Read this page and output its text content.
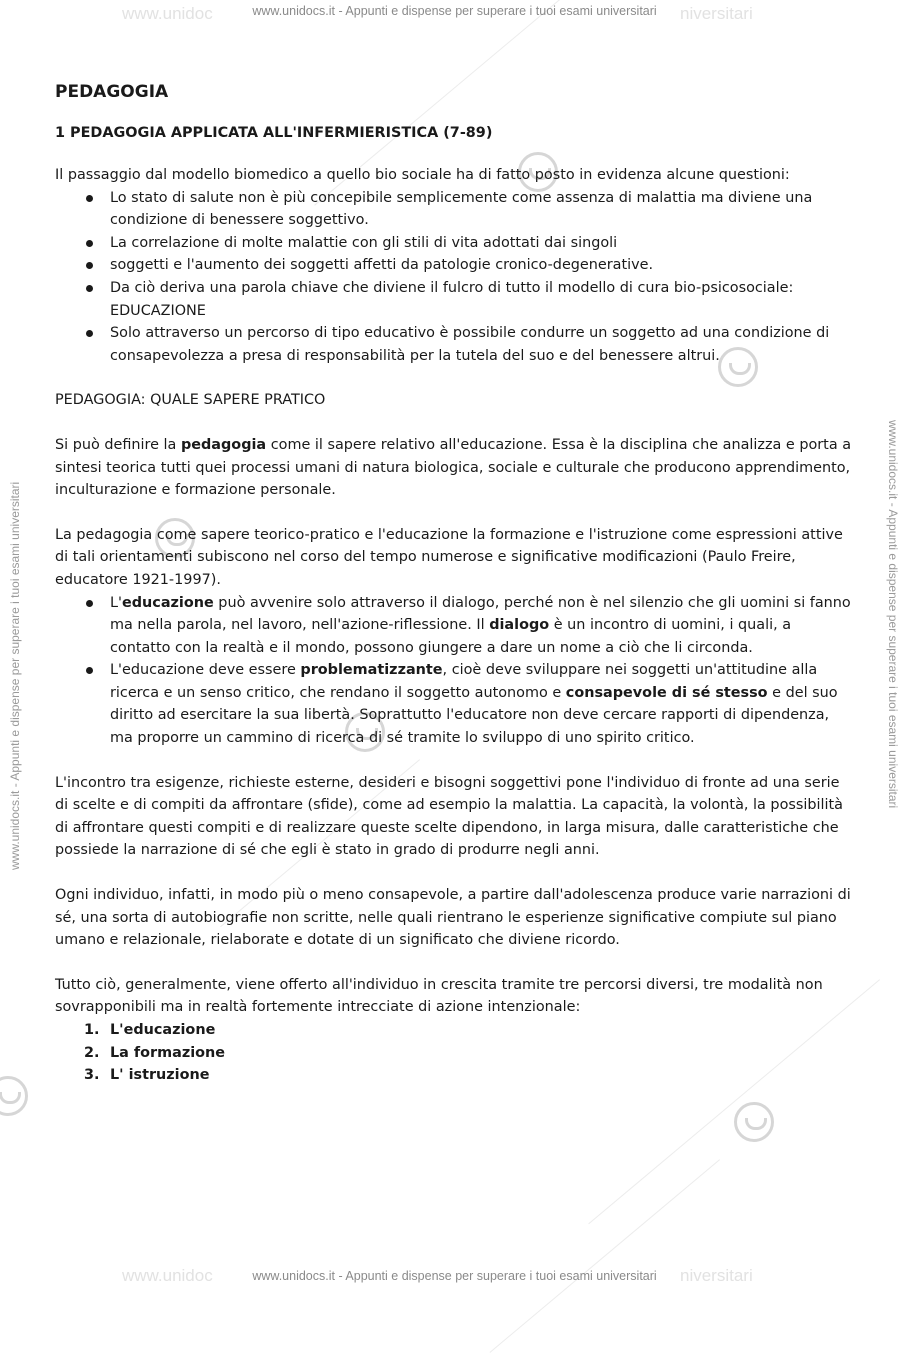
www.unidoc	niversitari
www.unidoc	niversitari
www.unidocs.it - Appunti e dispense per superare i tuoi esami universitari
www.unidocs.it - Appunti e dispense per superare i tuoi esami universitari
www.unidocs.it - Appunti e dispense per superare i tuoi esami universitari	www.unidocs.it - Appunti e dispense per superare i tuoi esami universitari
PEDAGOGIA
1 PEDAGOGIA APPLICATA ALL'INFERMIERISTICA (7-89)

Il passaggio dal modello biomedico a quello bio sociale ha di fatto posto in evidenza alcune questioni:

Lo stato di salute non è più concepibile semplicemente come assenza di malattia ma diviene una condizione di benessere soggettivo.
La correlazione di molte malattie con gli stili di vita adottati dai singoli
soggetti e l'aumento dei soggetti affetti da patologie cronico-degenerative.
Da ciò deriva una parola chiave che diviene il fulcro di tutto il modello di cura bio-psicosociale: EDUCAZIONE
Solo attraverso un percorso di tipo educativo è possibile condurre un soggetto ad una condizione di consapevolezza a presa di responsabilità per la tutela del suo e del benessere altrui.
PEDAGOGIA: QUALE SAPERE PRATICO

Si può definire la pedagogia come il sapere relativo all'educazione. Essa è la disciplina che analizza e porta a sintesi teorica tutti quei processi umani di natura biologica, sociale e culturale che producono apprendimento, inculturazione e formazione personale.

La pedagogia come sapere teorico-pratico e l'educazione la formazione e l'istruzione come espressioni attive di tali orientamenti subiscono nel corso del tempo numerose e significative modificazioni (Paulo Freire, educatore 1921-1997).

L'educazione può avvenire solo attraverso il dialogo, perché non è nel silenzio che gli uomini si fanno ma nella parola, nel lavoro, nell'azione-riflessione. Il dialogo è un incontro di uomini, i quali, a contatto con la realtà e il mondo, possono giungere a dare un nome a ciò che li circonda.
L'educazione deve essere problematizzante, cioè deve sviluppare nei soggetti un'attitudine alla ricerca e un senso critico, che rendano il soggetto autonomo e consapevole di sé stesso e del suo diritto ad esercitare la sua libertà. Soprattutto l'educatore non deve cercare rapporti di dipendenza, ma proporre un cammino di ricerca di sé tramite lo sviluppo di uno spirito critico.

L'incontro tra esigenze, richieste esterne, desideri e bisogni soggettivi pone l'individuo di fronte ad una serie di scelte e di compiti da affrontare (sfide), come ad esempio la malattia. La capacità, la volontà, la possibilità di affrontare questi compiti e di realizzare queste scelte dipendono, in larga misura, dalle caratteristiche che possiede la narrazione di sé che egli è stato in grado di produrre negli anni.

Ogni individuo, infatti, in modo più o meno consapevole, a partire dall'adolescenza produce varie narrazioni di sé, una sorta di autobiografie non scritte, nelle quali rientrano le esperienze significative compiute sul piano umano e relazionale, rielaborate e dotate di un significato che diviene ricordo.

Tutto ciò, generalmente, viene offerto all'individuo in crescita tramite tre percorsi diversi, tre modalità non sovrapponibili ma in realtà fortemente intrecciate di azione intenzionale:

1. L'educazione
2. La formazione
3. L' istruzione
